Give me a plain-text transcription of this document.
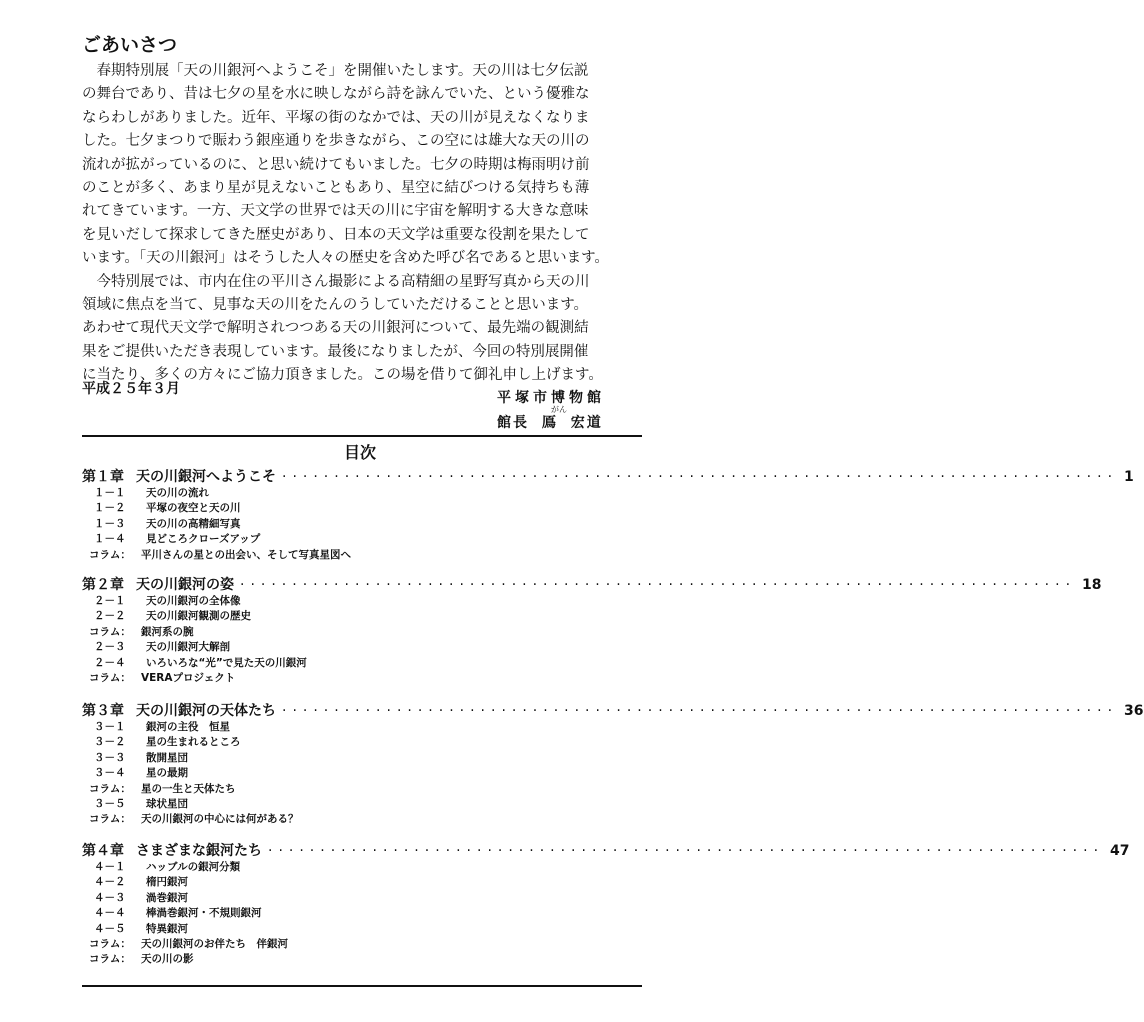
ごあいさつ
　春期特別展「天の川銀河へようこそ」を開催いたします。天の川は七夕伝説
の舞台であり、昔は七夕の星を水に映しながら詩を詠んでいた、という優雅な
ならわしがありました。近年、平塚の街のなかでは、天の川が見えなくなりま
した。七夕まつりで賑わう銀座通りを歩きながら、この空には雄大な天の川の
流れが拡がっているのに、と思い続けてもいました。七夕の時期は梅雨明け前
のことが多く、あまり星が見えないこともあり、星空に結びつける気持ちも薄
れてきています。一方、天文学の世界では天の川に宇宙を解明する大きな意味
を見いだして探求してきた歴史があり、日本の天文学は重要な役割を果たして
います。「天の川銀河」はそうした人々の歴史を含めた呼び名であると思います。
　今特別展では、市内在住の平川さん撮影による高精細の星野写真から天の川
領域に焦点を当て、見事な天の川をたんのうしていただけることと思います。
あわせて現代天文学で解明されつつある天の川銀河について、最先端の観測結
果をご提供いただき表現しています。最後になりましたが、今回の特別展開催
に当たり、多くの方々にご協力頂きました。この場を借りて御礼申し上げます。
平成２５年３月
平塚市博物館
がん
館長 鳫 宏道
目次
第１章 天の川銀河へようこそ ················································································ 1
１－１ 天の川の流れ
１－２ 平塚の夜空と天の川
１－３ 天の川の高精細写真
１－４ 見どころクローズアップ
コラム： 平川さんの星との出会い、そして写真星図へ
第２章 天の川銀河の姿 ················································································ 18
２－１ 天の川銀河の全体像
２－２ 天の川銀河観測の歴史
コラム： 銀河系の腕
２－３ 天の川銀河大解剖
２－４ いろいろな“光”で見た天の川銀河
コラム： VERAプロジェクト
第３章 天の川銀河の天体たち ················································································ 36
３－１ 銀河の主役　恒星
３－２ 星の生まれるところ
３－３ 散開星団
３－４ 星の最期
コラム： 星の一生と天体たち
３－５ 球状星団
コラム： 天の川銀河の中心には何がある？
第４章 さまざまな銀河たち ················································································ 47
４－１ ハッブルの銀河分類
４－２ 楕円銀河
４－３ 渦巻銀河
４－４ 棒渦巻銀河・不規則銀河
４－５ 特異銀河
コラム： 天の川銀河のお伴たち　伴銀河
コラム： 天の川の影
